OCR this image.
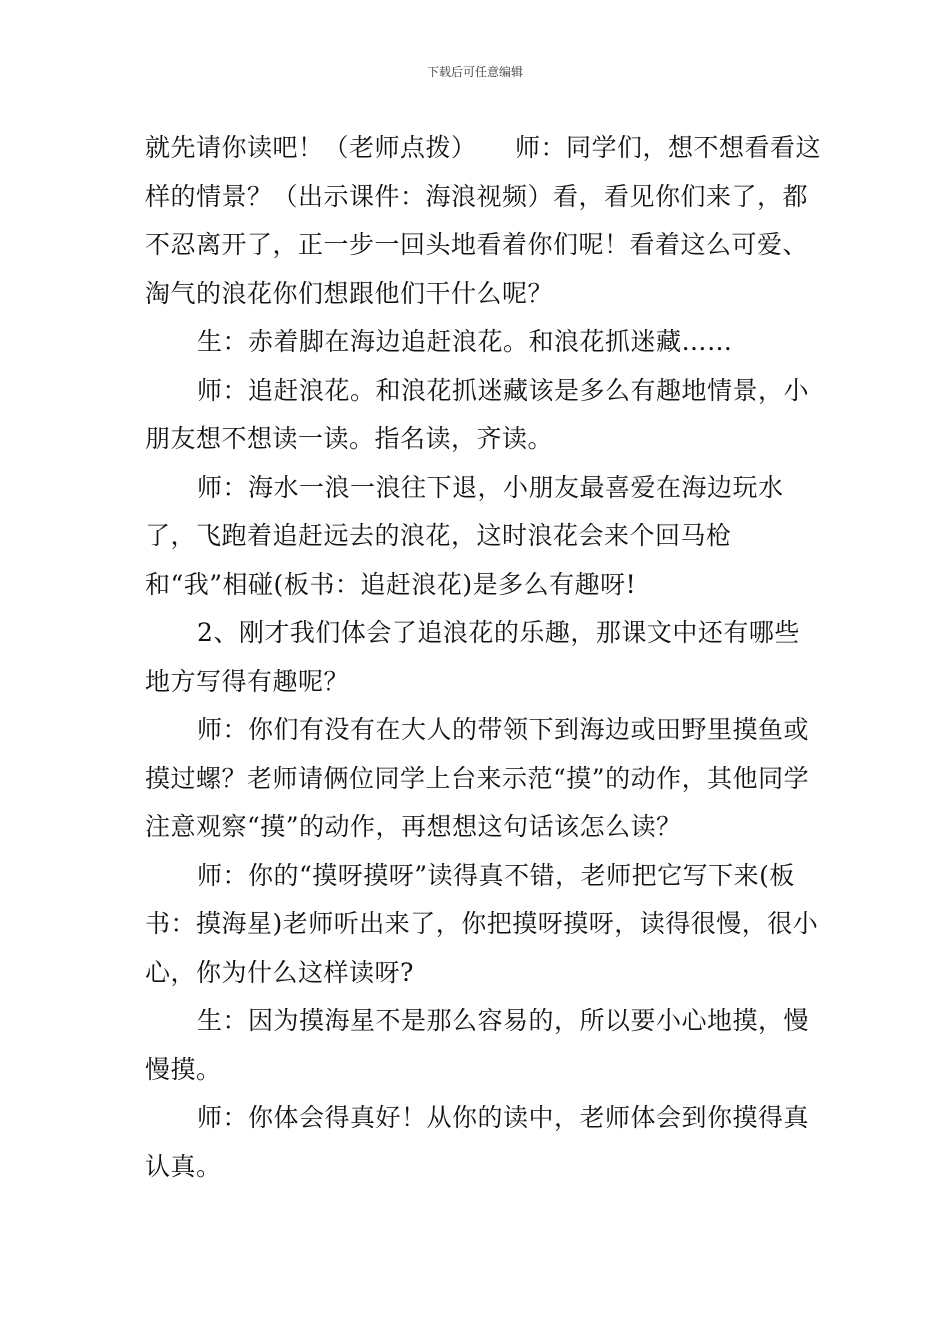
下载后可任意编辑

就先请你读吧！（老师点拨）　　师：同学们，想不想看看这样的情景？（出示课件：海浪视频）看，看见你们来了，都不忍离开了，正一步一回头地看着你们呢！看着这么可爱、淘气的浪花你们想跟他们干什么呢？

生：赤着脚在海边追赶浪花。和浪花抓迷藏……

师：追赶浪花。和浪花抓迷藏该是多么有趣地情景，小朋友想不想读一读。指名读，齐读。

师：海水一浪一浪往下退，小朋友最喜爱在海边玩水了，飞跑着追赶远去的浪花，这时浪花会来个回马枪和“我”相碰(板书：追赶浪花)是多么有趣呀!

2、刚才我们体会了追浪花的乐趣，那课文中还有哪些地方写得有趣呢？

师：你们有没有在大人的带领下到海边或田野里摸鱼或摸过螺？老师请俩位同学上台来示范“摸”的动作，其他同学注意观察“摸”的动作，再想想这句话该怎么读？

师：你的“摸呀摸呀”读得真不错，老师把它写下来(板书：摸海星)老师听出来了，你把摸呀摸呀，读得很慢，很小心，你为什么这样读呀?

生：因为摸海星不是那么容易的，所以要小心地摸，慢慢摸。

师：你体会得真好！从你的读中，老师体会到你摸得真认真。
